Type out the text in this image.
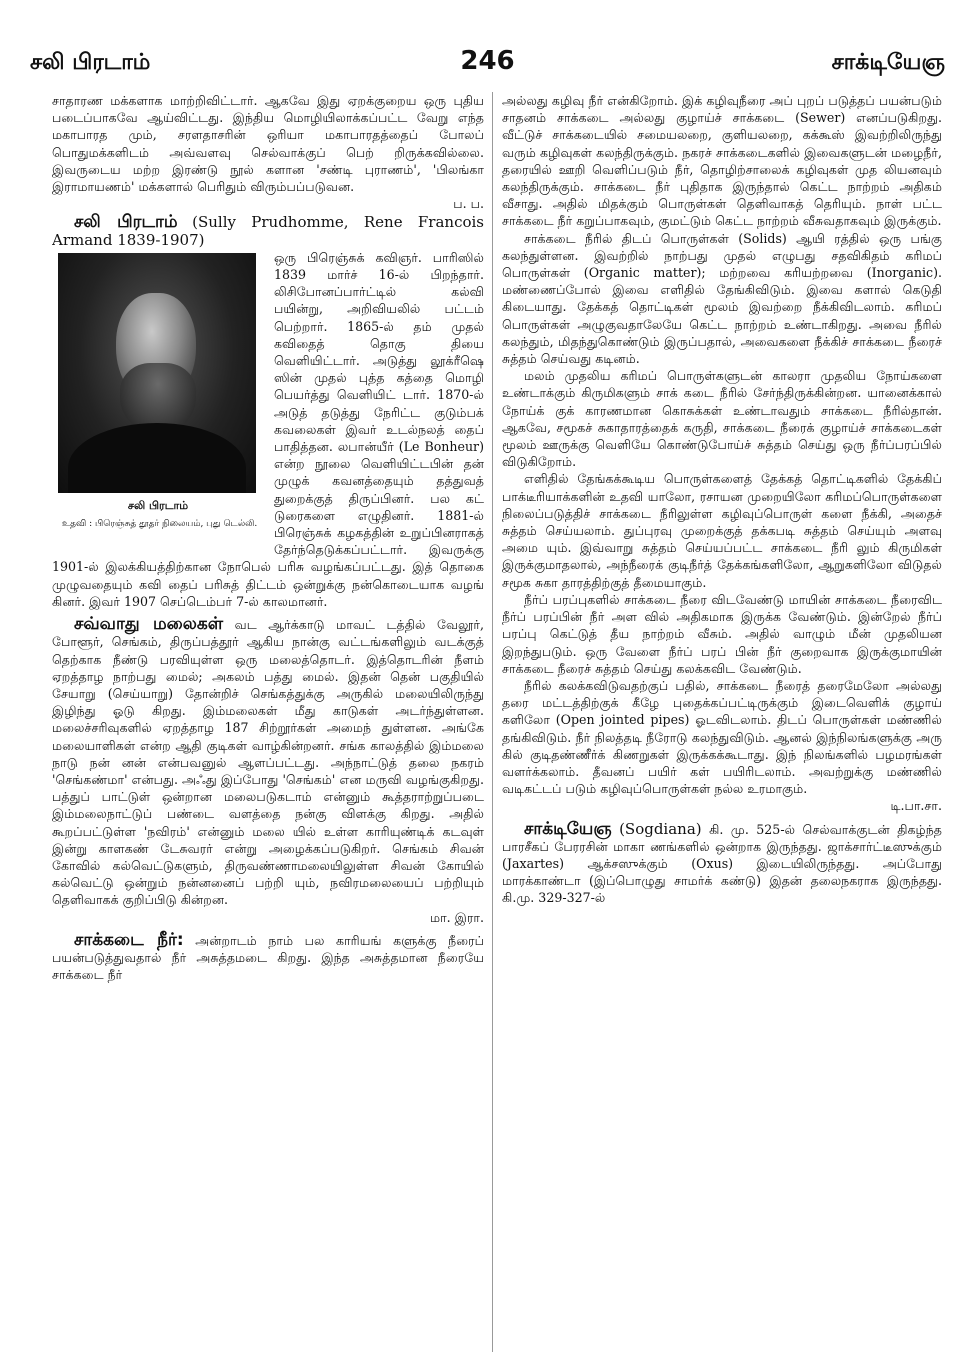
சலி பிரடாம்	246	சாக்டியேஞ

சாதாரண மக்களாக மாற்றிவிட்டார். ஆகவே இது ஏறக்குறைய ஒரு புதிய படைப்பாகவே ஆய்விட்டது. இந்திய மொழியிலாக்கப்பட்ட வேறு எந்த மகாபாரத மும், சரளதாசரின் ஒரியா மகாபாரதத்தைப் போலப் பொதுமக்களிடம் அவ்வளவு செல்வாக்குப் பெற் றிருக்கவில்லை. இவருடைய மற்ற இரண்டு நூல் களான 'சண்டி புராணம்', 'பிலங்கா இராமாயணம்' மக்களால் பெரிதும் விரும்பப்படுவன.

ப. ப.

சலி பிரடாம் (Sully Prudhomme, Rene Francois Armand 1839-1907)

சலி பிரடாம்
உதவி : பிரெஞ்சுத் தூதர் நிலையம், புது டெல்லி.

ஒரு பிரெஞ்சுக் கவிஞர். பாரிஸில் 1839 மார்ச் 16-ல் பிறந்தார். லிசிபோனப்பார்ட்டில் கல்வி பயின்று, அறிவியலில் பட்டம் பெற்றார். 1865-ல் தம் முதல் கவிதைத் தொகு தியை வெளியிட்டார். அடுத்து லூக்ரீஷெ ஸின் முதல் புத்த கத்தை மொழி பெயர்த்து வெளியிட் டார். 1870-ல் அடுத் தடுத்து நேரிட்ட குடும்பக் கவலைகள் இவர் உடல்நலத் தைப் பாதித்தன. லபான்யீர் (Le Bonheur) என்ற நூலை வெளியிட்டபின் தன் முழுக் கவனத்தையும் தத்துவத் துறைக்குத் திருப்பினர். பல கட் டுரைகளை எழுதினர். 1881-ல் பிரெஞ்சுக் கழகத்தின் உறுப்பினராகத் தேர்ந்தெடுக்கப்பட்டார். இவருக்கு 1901-ல் இலக்கியத்திற்கான நோபெல் பரிசு வழங்கப்பட்டது. இத் தொகை முழுவதையும் கவி தைப் பரிசுத் திட்டம் ஒன்றுக்கு நன்கொடையாக வழங் கினர். இவர் 1907 செப்டெம்பர் 7-ல் காலமானர்.

சவ்வாது மலைகள் வட ஆர்க்காடு மாவட் டத்தில் வேலூர், போளூர், செங்கம், திருப்பத்தூர் ஆகிய நான்கு வட்டங்களிலும் வடக்குத் தெற்காக நீண்டு பரவியுள்ள ஒரு மலைத்தொடர். இத்தொடரின் நீளம் ஏறத்தாழ நாற்பது மைல்; அகலம் பத்து மைல். இதன் தென் பகுதியில் சேயாறு (செய்யாறு) தோன்றிச் செங்கத்துக்கு அருகில் மலையிலிருந்து இழிந்து ஓடு கிறது. இம்மலைகள் மீது காடுகள் அடர்ந்துள்ளன. மலைச்சரிவுகளில் ஏறத்தாழ 187 சிற்றூர்கள் அமைந் துள்ளன. அங்கே மலையாளிகள் என்ற ஆதி குடிகள் வாழ்கின்றனர். சங்க காலத்தில் இம்மலை நாடு நன் னன் என்பவனுல் ஆளப்பட்டது. அந்நாட்டுத் தலை நகரம் 'செங்கண்மா' என்பது. அஃது இப்போது 'செங்கம்' என மருவி வழங்குகிறது. பத்துப் பாட்டுள் ஒன்றான மலைபடுகடாம் என்னும் கூத்தராற்றுப்படை இம்மலைநாட்டுப் பண்டை வளத்தை நன்கு விளக்கு கிறது. அதில் கூறப்பட்டுள்ள 'நவிரம்' என்னும் மலை யில் உள்ள காரியுண்டிக் கடவுள் இன்று காளகண் டேசுவரர் என்று அழைக்கப்படுகிறர். செங்கம் சிவன் கோவில் கல்வெட்டுகளும், திருவண்ணாமலையிலுள்ள சிவன் கோயில் கல்வெட்டு ஒன்றும் நன்னனைப் பற்றி யும், நவிரமலையைப் பற்றியும் தெளிவாகக் குறிப்பிடு கின்றன.

மா. இரா.

சாக்கடை நீர்: அன்றாடம் நாம் பல காரியங் களுக்கு நீரைப் பயன்படுத்துவதால் நீர் அசுத்தமடை கிறது. இந்த அசுத்தமான நீரையே சாக்கடை நீர்

அல்லது கழிவு நீர் என்கிறோம். இக் கழிவுநீரை அப் புறப் படுத்தப் பயன்படும் சாதனம் சாக்கடை அல்லது குழாய்ச் சாக்கடை (Sewer) எனப்படுகிறது. வீட்டுச் சாக்கடையில் சமையலறை, குளியலறை, கக்கூஸ் இவற்றிலிருந்து வரும் கழிவுகள் கலந்திருக்கும். நகரச் சாக்கடைகளில் இவைகளுடன் மழைநீர், தரையில் ஊறி வெளிப்படும் நீர், தொழிற்சாலைக் கழிவுகள் முத லியனவும் கலந்திருக்கும். சாக்கடை நீர் புதிதாக இருந்தால் கெட்ட நாற்றம் அதிகம் வீசாது. அதில் மிதக்கும் பொருள்கள் தெளிவாகத் தெரியும். நாள் பட்ட சாக்கடை நீர் கறுப்பாகவும், குமட்டும் கெட்ட நாற்றம் வீசுவதாகவும் இருக்கும்.

சாக்கடை நீரில் திடப் பொருள்கள் (Solids) ஆயி ரத்தில் ஒரு பங்கு கலந்துள்ளன. இவற்றில் நாற்பது முதல் எழுபது சதவிகிதம் கரிமப் பொருள்கள் (Organic matter); மற்றவை கரியற்றவை (Inorganic). மண்ணைப்போல் இவை எளிதில் தேங்கிவிடும். இவை களால் கெடுதி கிடையாது. தேக்கத் தொட்டிகள் மூலம் இவற்றை நீக்கிவிடலாம். கரிமப் பொருள்கள் அழுகுவதாலேயே கெட்ட நாற்றம் உண்டாகிறது. அவை நீரில் கலந்தும், மிதந்துகொண்டும் இருப்பதால், அவைகளை நீக்கிச் சாக்கடை நீரைச் சுத்தம் செய்வது கடினம்.

மலம் முதலிய கரிமப் பொருள்களுடன் காலரா முதலிய நோய்களை உண்டாக்கும் கிருமிகளும் சாக் கடை நீரில் சேர்ந்திருக்கின்றன. யானைக்கால் நோய்க் குக் காரணமான கொசுக்கள் உண்டாவதும் சாக்கடை நீரில்தான். ஆகவே, சமூகச் சுகாதாரத்தைக் கருதி, சாக்கடை நீரைக் குழாய்ச் சாக்கடைகள் மூலம் ஊருக்கு வெளியே கொண்டுபோய்ச் சுத்தம் செய்து ஒரு நீர்ப்பரப்பில் விடுகிறோம்.

எளிதில் தேங்கக்கூடிய பொருள்களைத் தேக்கத் தொட்டிகளில் தேக்கிப் பாக்டீரியாக்களின் உதவி யாலோ, ரசாயன முறையிலோ கரிமப்பொருள்களை நிலைப்படுத்திச் சாக்கடை நீரிலுள்ள கழிவுப்பொருள் களை நீக்கி, அதைச் சுத்தம் செய்யலாம். துப்புரவு முறைக்குத் தக்கபடி சுத்தம் செய்யும் அளவு அமை யும். இவ்வாறு சுத்தம் செய்யப்பட்ட சாக்கடை நீரி லும் கிருமிகள் இருக்குமாதலால், அந்நீரைக் குடிநீர்த் தேக்கங்களிலோ, ஆறுகளிலோ விடுதல் சமூக சுகா தாரத்திற்குத் தீமையாகும்.

நீர்ப் பரப்புகளில் சாக்கடை நீரை விடவேண்டு மாயின் சாக்கடை நீரைவிட நீர்ப் பரப்பின் நீர் அள வில் அதிகமாக இருக்க வேண்டும். இன்றேல் நீர்ப் பரப்பு கெட்டுத் தீய நாற்றம் வீசும். அதில் வாழும் மீன் முதலியன இறந்துபடும். ஒரு வேளை நீர்ப் பரப் பின் நீர் குறைவாக இருக்குமாயின் சாக்கடை நீரைச் சுத்தம் செய்து கலக்கவிட வேண்டும்.

நீரில் கலக்கவிடுவதற்குப் பதில், சாக்கடை நீரைத் தரைமேலோ அல்லது தரை மட்டத்திற்குக் கீழே புதைக்கப்பட்டிருக்கும் இடைவெளிக் குழாய் களிலோ (Open jointed pipes) ஓடவிடலாம். திடப் பொருள்கள் மண்ணில் தங்கிவிடும். நீர் நிலத்தடி நீரோடு கலந்துவிடும். ஆனல் இந்நிலங்களுக்கு அரு கில் குடிதண்ணீர்க் கிணறுகள் இருக்கக்கூடாது. இந் நிலங்களில் பழமரங்கள் வளர்க்கலாம். தீவனப் பயிர் கள் பயிரிடலாம். அவற்றுக்கு மண்ணில் வடிகட்டப் படும் கழிவுப்பொருள்கள் நல்ல உரமாகும்.

டி.பா.சா.

சாக்டியேஞ (Sogdiana) கி. மு. 525-ல் செல்வாக்குடன் திகழ்ந்த பாரசீகப் பேரரசின் மாகா ணங்களில் ஒன்றாக இருந்தது. ஜாக்சார்ட்டீஸுக்கும் (Jaxartes) ஆக்சஸுக்கும் (Oxus) இடையிலிருந்தது. அப்போது மாரக்காண்டா (இப்பொழுது சாமர்க் கண்டு) இதன் தலைநகராக இருந்தது. கி.மு. 329-327-ல்
